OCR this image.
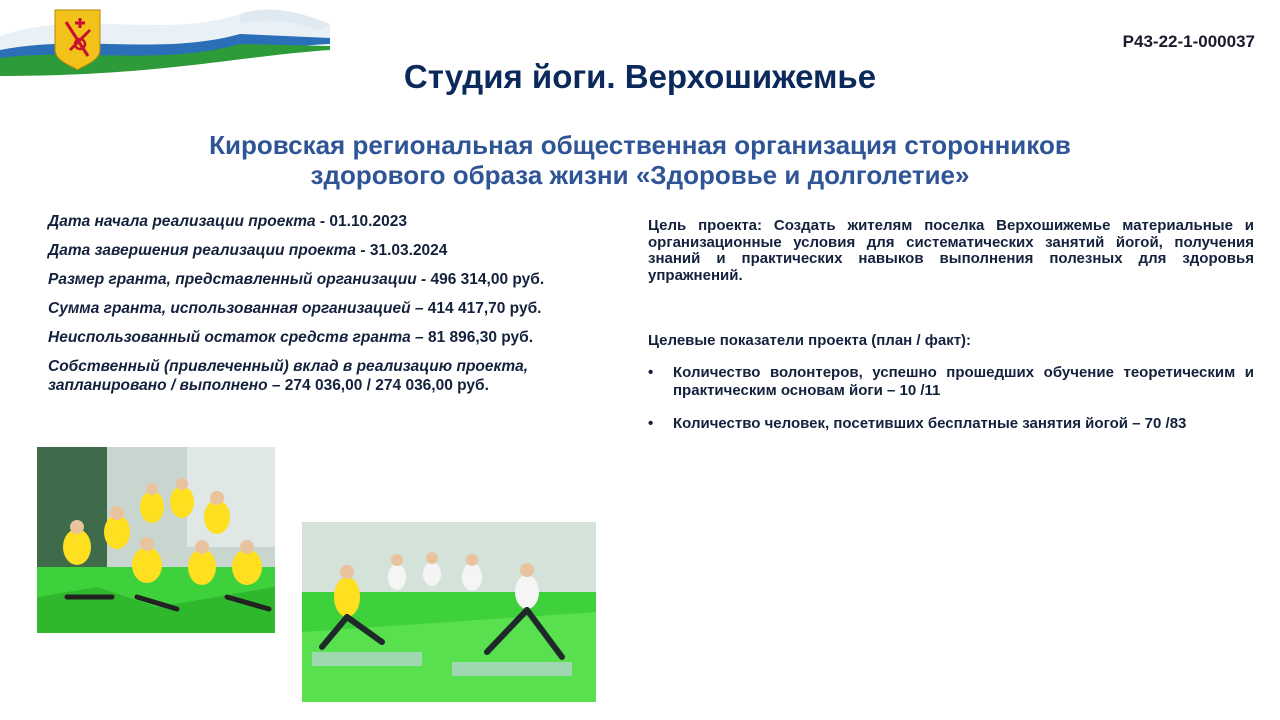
Р43-22-1-000037
Студия йоги. Верхошижемье
Кировская региональная общественная организация сторонников
здорового образа жизни «Здоровье и долголетие»
Дата начала реализации проекта - 01.10.2023
Дата завершения реализации проекта - 31.03.2024
Размер гранта, представленный организации - 496 314,00 руб.
Сумма гранта, использованная организацией – 414 417,70 руб.
Неиспользованный остаток средств гранта – 81 896,30 руб.
Собственный (привлеченный) вклад в реализацию проекта, запланировано / выполнено – 274 036,00 / 274 036,00 руб.

Цель проекта: Создать жителям поселка Верхошижемье материальные и организационные условия для систематических занятий йогой, получения знаний и практических навыков выполнения полезных для здоровья упражнений.

Целевые показатели проекта (план / факт):
• Количество волонтеров, успешно прошедших обучение теоретическим и практическим основам йоги – 10 /11
• Количество человек, посетивших бесплатные занятия йогой – 70 /83
